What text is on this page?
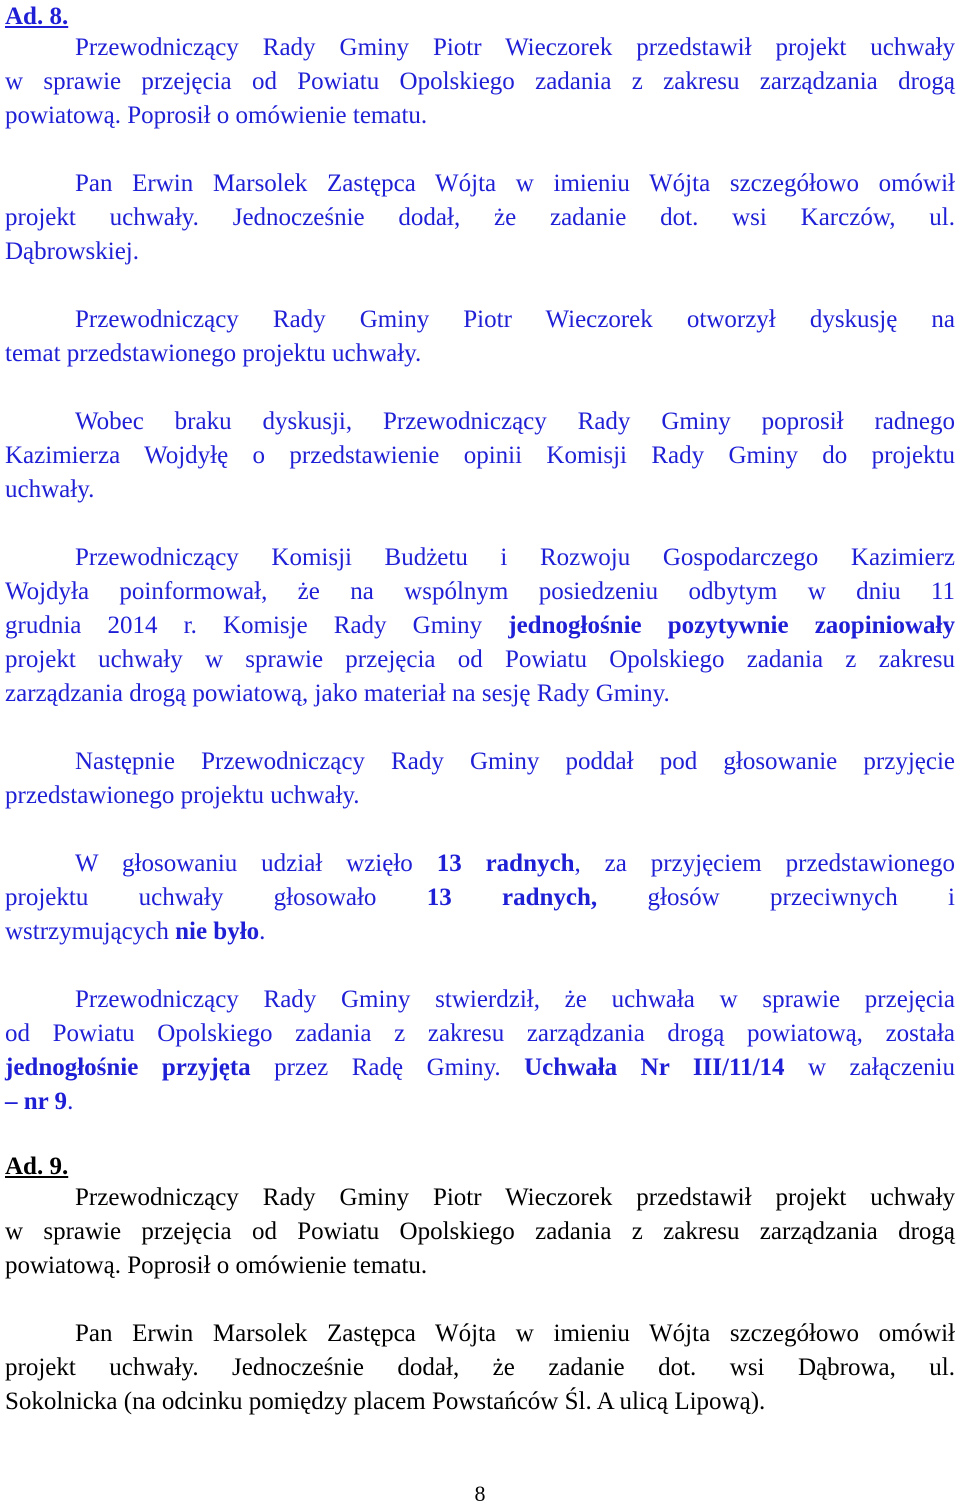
Ad. 8.
Przewodniczący Rady Gminy Piotr Wieczorek przedstawił projekt uchwały
w sprawie przejęcia od Powiatu Opolskiego zadania z zakresu zarządzania drogą
powiatową. Poprosił o omówienie tematu.
Pan Erwin Marsolek Zastępca Wójta w imieniu Wójta szczegółowo omówił
projekt uchwały. Jednocześnie dodał, że zadanie dot. wsi Karczów, ul.
Dąbrowskiej.
Przewodniczący Rady Gminy Piotr Wieczorek otworzył dyskusję na
temat przedstawionego projektu uchwały.
Wobec braku dyskusji, Przewodniczący Rady Gminy poprosił radnego
Kazimierza Wojdyłę o przedstawienie opinii Komisji Rady Gminy do projektu
uchwały.
Przewodniczący Komisji Budżetu i Rozwoju Gospodarczego Kazimierz
Wojdyła poinformował, że na wspólnym posiedzeniu odbytym w dniu 11
grudnia 2014 r. Komisje Rady Gminy jednogłośnie pozytywnie zaopiniowały
projekt uchwały w sprawie przejęcia od Powiatu Opolskiego zadania z zakresu
zarządzania drogą powiatową, jako materiał na sesję Rady Gminy.
Następnie Przewodniczący Rady Gminy poddał pod głosowanie przyjęcie
przedstawionego projektu uchwały.
W głosowaniu udział wzięło 13 radnych, za przyjęciem przedstawionego
projektu uchwały głosowało 13 radnych, głosów przeciwnych i
wstrzymujących nie było.
Przewodniczący Rady Gminy stwierdził, że uchwała w sprawie przejęcia
od Powiatu Opolskiego zadania z zakresu zarządzania drogą powiatową, została
jednogłośnie przyjęta przez Radę Gminy. Uchwała Nr III/11/14 w załączeniu
– nr 9.
Ad. 9.
Przewodniczący Rady Gminy Piotr Wieczorek przedstawił projekt uchwały
w sprawie przejęcia od Powiatu Opolskiego zadania z zakresu zarządzania drogą
powiatową. Poprosił o omówienie tematu.
Pan Erwin Marsolek Zastępca Wójta w imieniu Wójta szczegółowo omówił
projekt uchwały. Jednocześnie dodał, że zadanie dot. wsi Dąbrowa, ul.
Sokolnicka (na odcinku pomiędzy placem Powstańców Śl. A ulicą Lipową).
8
